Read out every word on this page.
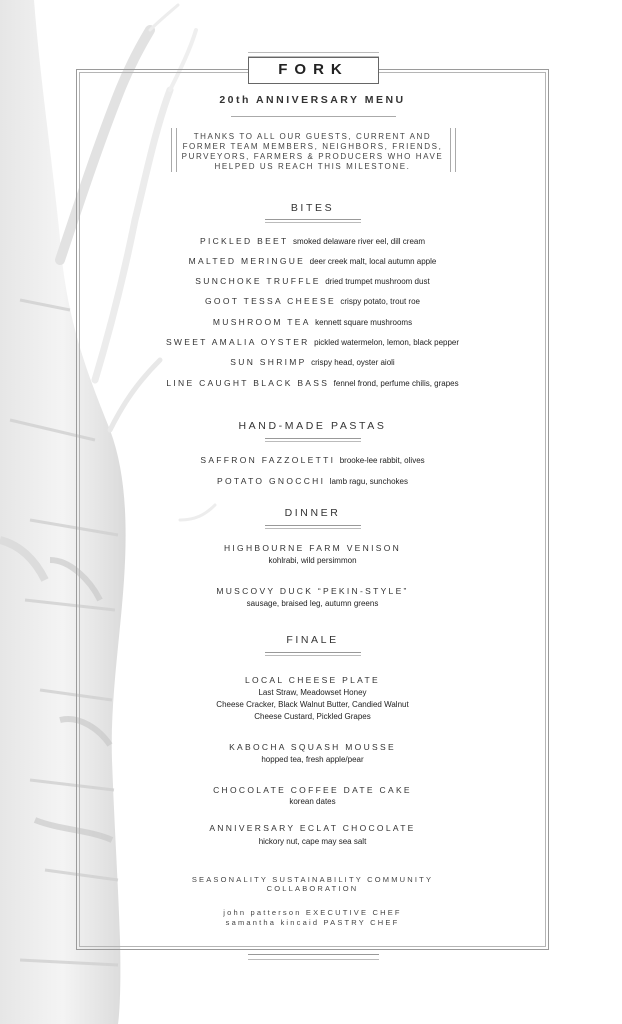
FORK
20th ANNIVERSARY MENU
THANKS TO ALL OUR GUESTS, CURRENT AND
FORMER TEAM MEMBERS, NEIGHBORS, FRIENDS,
PURVEYORS, FARMERS & PRODUCERS WHO HAVE
HELPED US REACH THIS MILESTONE.
BITES
PICKLED BEET smoked delaware river eel, dill cream
MALTED MERINGUE deer creek malt, local autumn apple
SUNCHOKE TRUFFLE dried trumpet mushroom dust
GOOT TESSA CHEESE crispy potato, trout roe
MUSHROOM TEA kennett square mushrooms
SWEET AMALIA OYSTER pickled watermelon, lemon, black pepper
SUN SHRIMP crispy head, oyster aioli
LINE CAUGHT BLACK BASS fennel frond, perfume chilis, grapes
HAND-MADE PASTAS
SAFFRON FAZZOLETTI brooke-lee rabbit, olives
POTATO GNOCCHI lamb ragu, sunchokes
DINNER
HIGHBOURNE FARM VENISON
kohlrabi, wild persimmon
MUSCOVY DUCK “PEKIN-STYLE”
sausage, braised leg, autumn greens
FINALE
LOCAL CHEESE PLATE
Last Straw, Meadowset Honey
Cheese Cracker, Black Walnut Butter, Candied Walnut
Cheese Custard, Pickled Grapes
KABOCHA SQUASH MOUSSE
hopped tea, fresh apple/pear
CHOCOLATE COFFEE DATE CAKE
korean dates
ANNIVERSARY ECLAT CHOCOLATE
hickory nut, cape may sea salt
SEASONALITY SUSTAINABILITY COMMUNITY
COLLABORATION
john patterson EXECUTIVE CHEF
samantha kincaid PASTRY CHEF
